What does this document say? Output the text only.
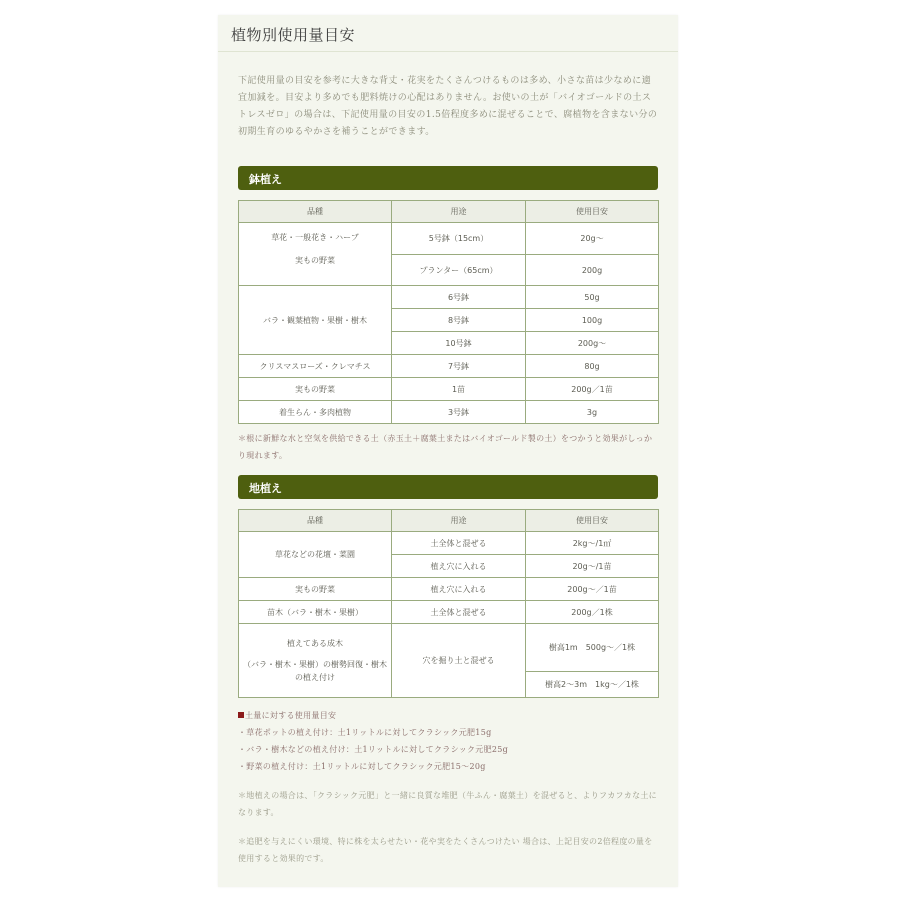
植物別使用量目安
下記使用量の目安を参考に大きな背丈・花実をたくさんつけるものは多め、小さな苗は少なめに適宜加減を。目安より多めでも肥料焼けの心配はありません。お使いの土が「バイオゴールドの土ストレスゼロ」の場合は、下記使用量の目安の1.5倍程度多めに混ぜることで、腐植物を含まない分の初期生育のゆるやかさを補うことができます。
鉢植え
品種	用途	使用目安

草花・一般花き・ハーブ
実もの野菜	5号鉢（15cm）	20g〜
	プランター（65cm）	200g
バラ・観葉植物・果樹・樹木	6号鉢	50g
	8号鉢	100g
	10号鉢	200g〜
クリスマスローズ・クレマチス	7号鉢	80g
実もの野菜	1苗	200g／1苗
着生らん・多肉植物	3号鉢	3g
＊根に新鮮な水と空気を供給できる土（赤玉土＋腐葉土またはバイオゴールド製の土）をつかうと効果がしっかり現れます。
地植え
品種	用途	使用目安
草花などの花壇・菜園	土全体と混ぜる	2kg〜/1㎡
	植え穴に入れる	20g〜/1苗
実もの野菜	植え穴に入れる	200g〜／1苗
苗木（バラ・樹木・果樹）	土全体と混ぜる	200g／1株

植えてある成木
（バラ・樹木・果樹）の樹勢回復・樹木の植え付け	穴を掘り土と混ぜる	樹高1m　500g〜／1株
		樹高2〜3m　1kg〜／1株
土量に対する使用量目安
・草花ポットの植え付け：土1リットルに対してクラシック元肥15g
・バラ・樹木などの植え付け：土1リットルに対してクラシック元肥25g
・野菜の植え付け：土1リットルに対してクラシック元肥15〜20g
＊地植えの場合は、「クラシック元肥」と一緒に良質な堆肥（牛ふん・腐葉土）を混ぜると、よりフカフカな土になります。
＊追肥を与えにくい環境、特に株を太らせたい・花や実をたくさんつけたい 場合は、上記目安の2倍程度の量を使用すると効果的です。
